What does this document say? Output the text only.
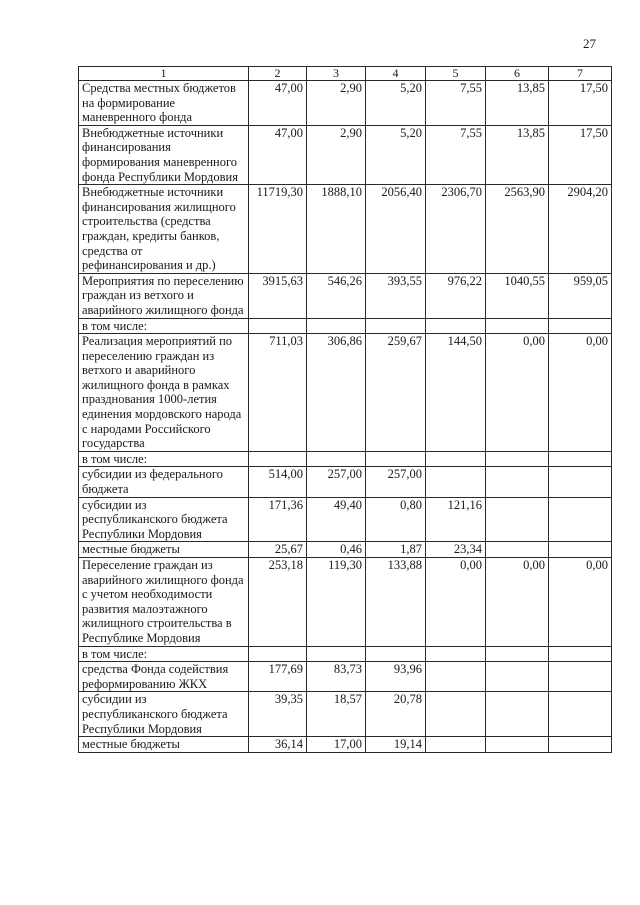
27
1	2	3	4	5	6	7
Средства местных бюджетов на формирование маневренного фонда	47,00	2,90	5,20	7,55	13,85	17,50
Внебюджетные источники финансирования формирования маневренного фонда Республики Мордовия	47,00	2,90	5,20	7,55	13,85	17,50
Внебюджетные источники финансирования жилищного строительства (средства граждан, кредиты банков, средства от рефинансирования и др.)	11719,30	1888,10	2056,40	2306,70	2563,90	2904,20
Мероприятия по переселению граждан из ветхого и аварийного жилищного фонда	3915,63	546,26	393,55	976,22	1040,55	959,05
в том числе:						
Реализация мероприятий по переселению граждан из ветхого и аварийного жилищного фонда в рамках празднования 1000-летия единения мордовского народа с народами Российского государства	711,03	306,86	259,67	144,50	0,00	0,00
в том числе:						
субсидии из федерального бюджета	514,00	257,00	257,00			
субсидии из республиканского бюджета Республики Мордовия	171,36	49,40	0,80	121,16		
местные бюджеты	25,67	0,46	1,87	23,34		
Переселение граждан из аварийного жилищного фонда с учетом необходимости развития малоэтажного жилищного строительства в Республике Мордовия	253,18	119,30	133,88	0,00	0,00	0,00
в том числе:						
средства Фонда содействия реформированию ЖКХ	177,69	83,73	93,96			
субсидии из республиканского бюджета Республики Мордовия	39,35	18,57	20,78			
местные бюджеты	36,14	17,00	19,14			
